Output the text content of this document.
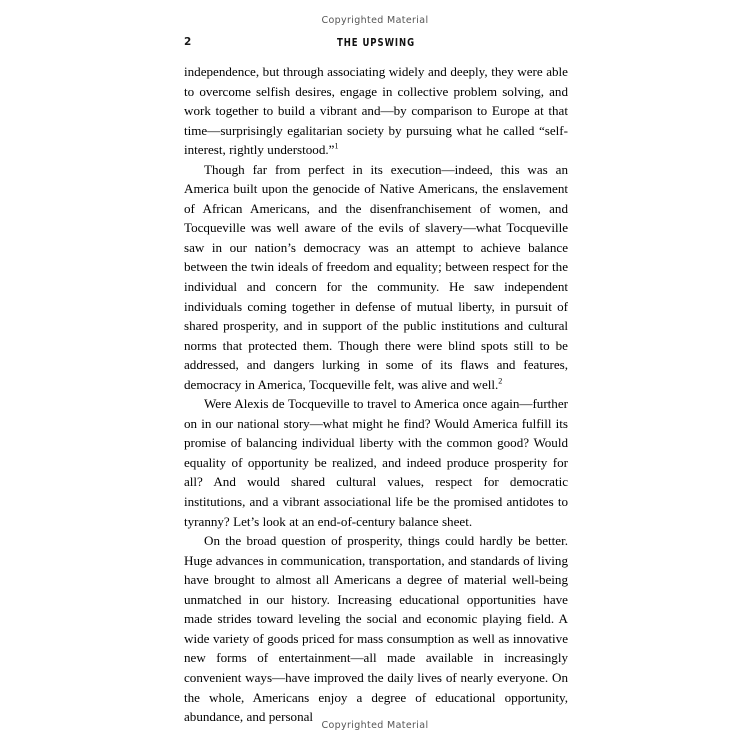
Copyrighted Material
2	THE UPSWING

independence, but through associating widely and deeply, they were able to overcome selfish desires, engage in collective problem solving, and work together to build a vibrant and—by comparison to Europe at that time—surprisingly egalitarian society by pursuing what he called “self-interest, rightly understood.”$^1$

Though far from perfect in its execution—indeed, this was an America built upon the genocide of Native Americans, the enslavement of African Americans, and the disenfranchisement of women, and Tocqueville was well aware of the evils of slavery—what Tocqueville saw in our nation’s democracy was an attempt to achieve balance between the twin ideals of freedom and equality; between respect for the individual and concern for the community. He saw independent individuals coming together in defense of mutual liberty, in pursuit of shared prosperity, and in support of the public institutions and cultural norms that protected them. Though there were blind spots still to be addressed, and dangers lurking in some of its flaws and features, democracy in America, Tocqueville felt, was alive and well.$^2$

Were Alexis de Tocqueville to travel to America once again—further on in our national story—what might he find? Would America fulfill its promise of balancing individual liberty with the common good? Would equality of opportunity be realized, and indeed produce prosperity for all? And would shared cultural values, respect for democratic institutions, and a vibrant associational life be the promised antidotes to tyranny? Let’s look at an end-of-century balance sheet.

On the broad question of prosperity, things could hardly be better. Huge advances in communication, transportation, and standards of living have brought to almost all Americans a degree of material well-being unmatched in our history. Increasing educational opportunities have made strides toward leveling the social and economic playing field. A wide variety of goods priced for mass consumption as well as innovative new forms of entertainment—all made available in increasingly convenient ways—have improved the daily lives of nearly everyone. On the whole, Americans enjoy a degree of educational opportunity, abundance, and personal

Copyrighted Material
